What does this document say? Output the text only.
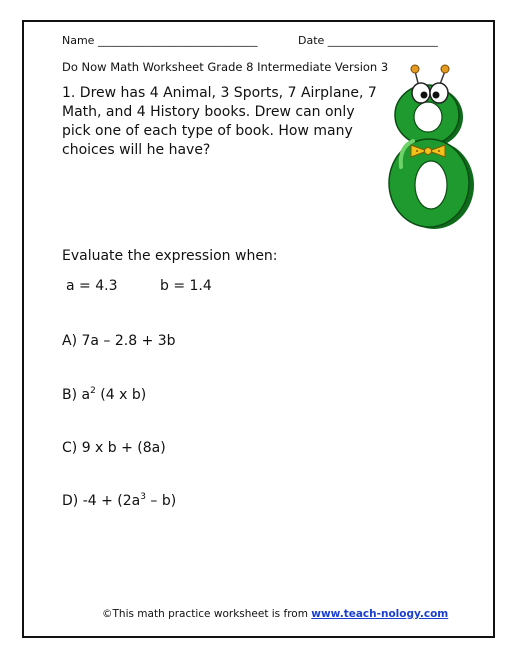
Name _____________________________	Date ____________________
Do Now Math Worksheet Grade 8 Intermediate Version 3
1. Drew has 4 Animal, 3 Sports, 7 Airplane, 7 Math, and 4 History books. Drew can only pick one of each type of book. How many choices will he have?
Evaluate the expression when:
a = 4.3	b = 1.4
A) 7a – 2.8 + 3b
B) $a^2$ (4 x b)
C) 9 x b + (8a)
D) $-4 + (2a^3 - b)$
©This math practice worksheet is from www.teach-nology.com
